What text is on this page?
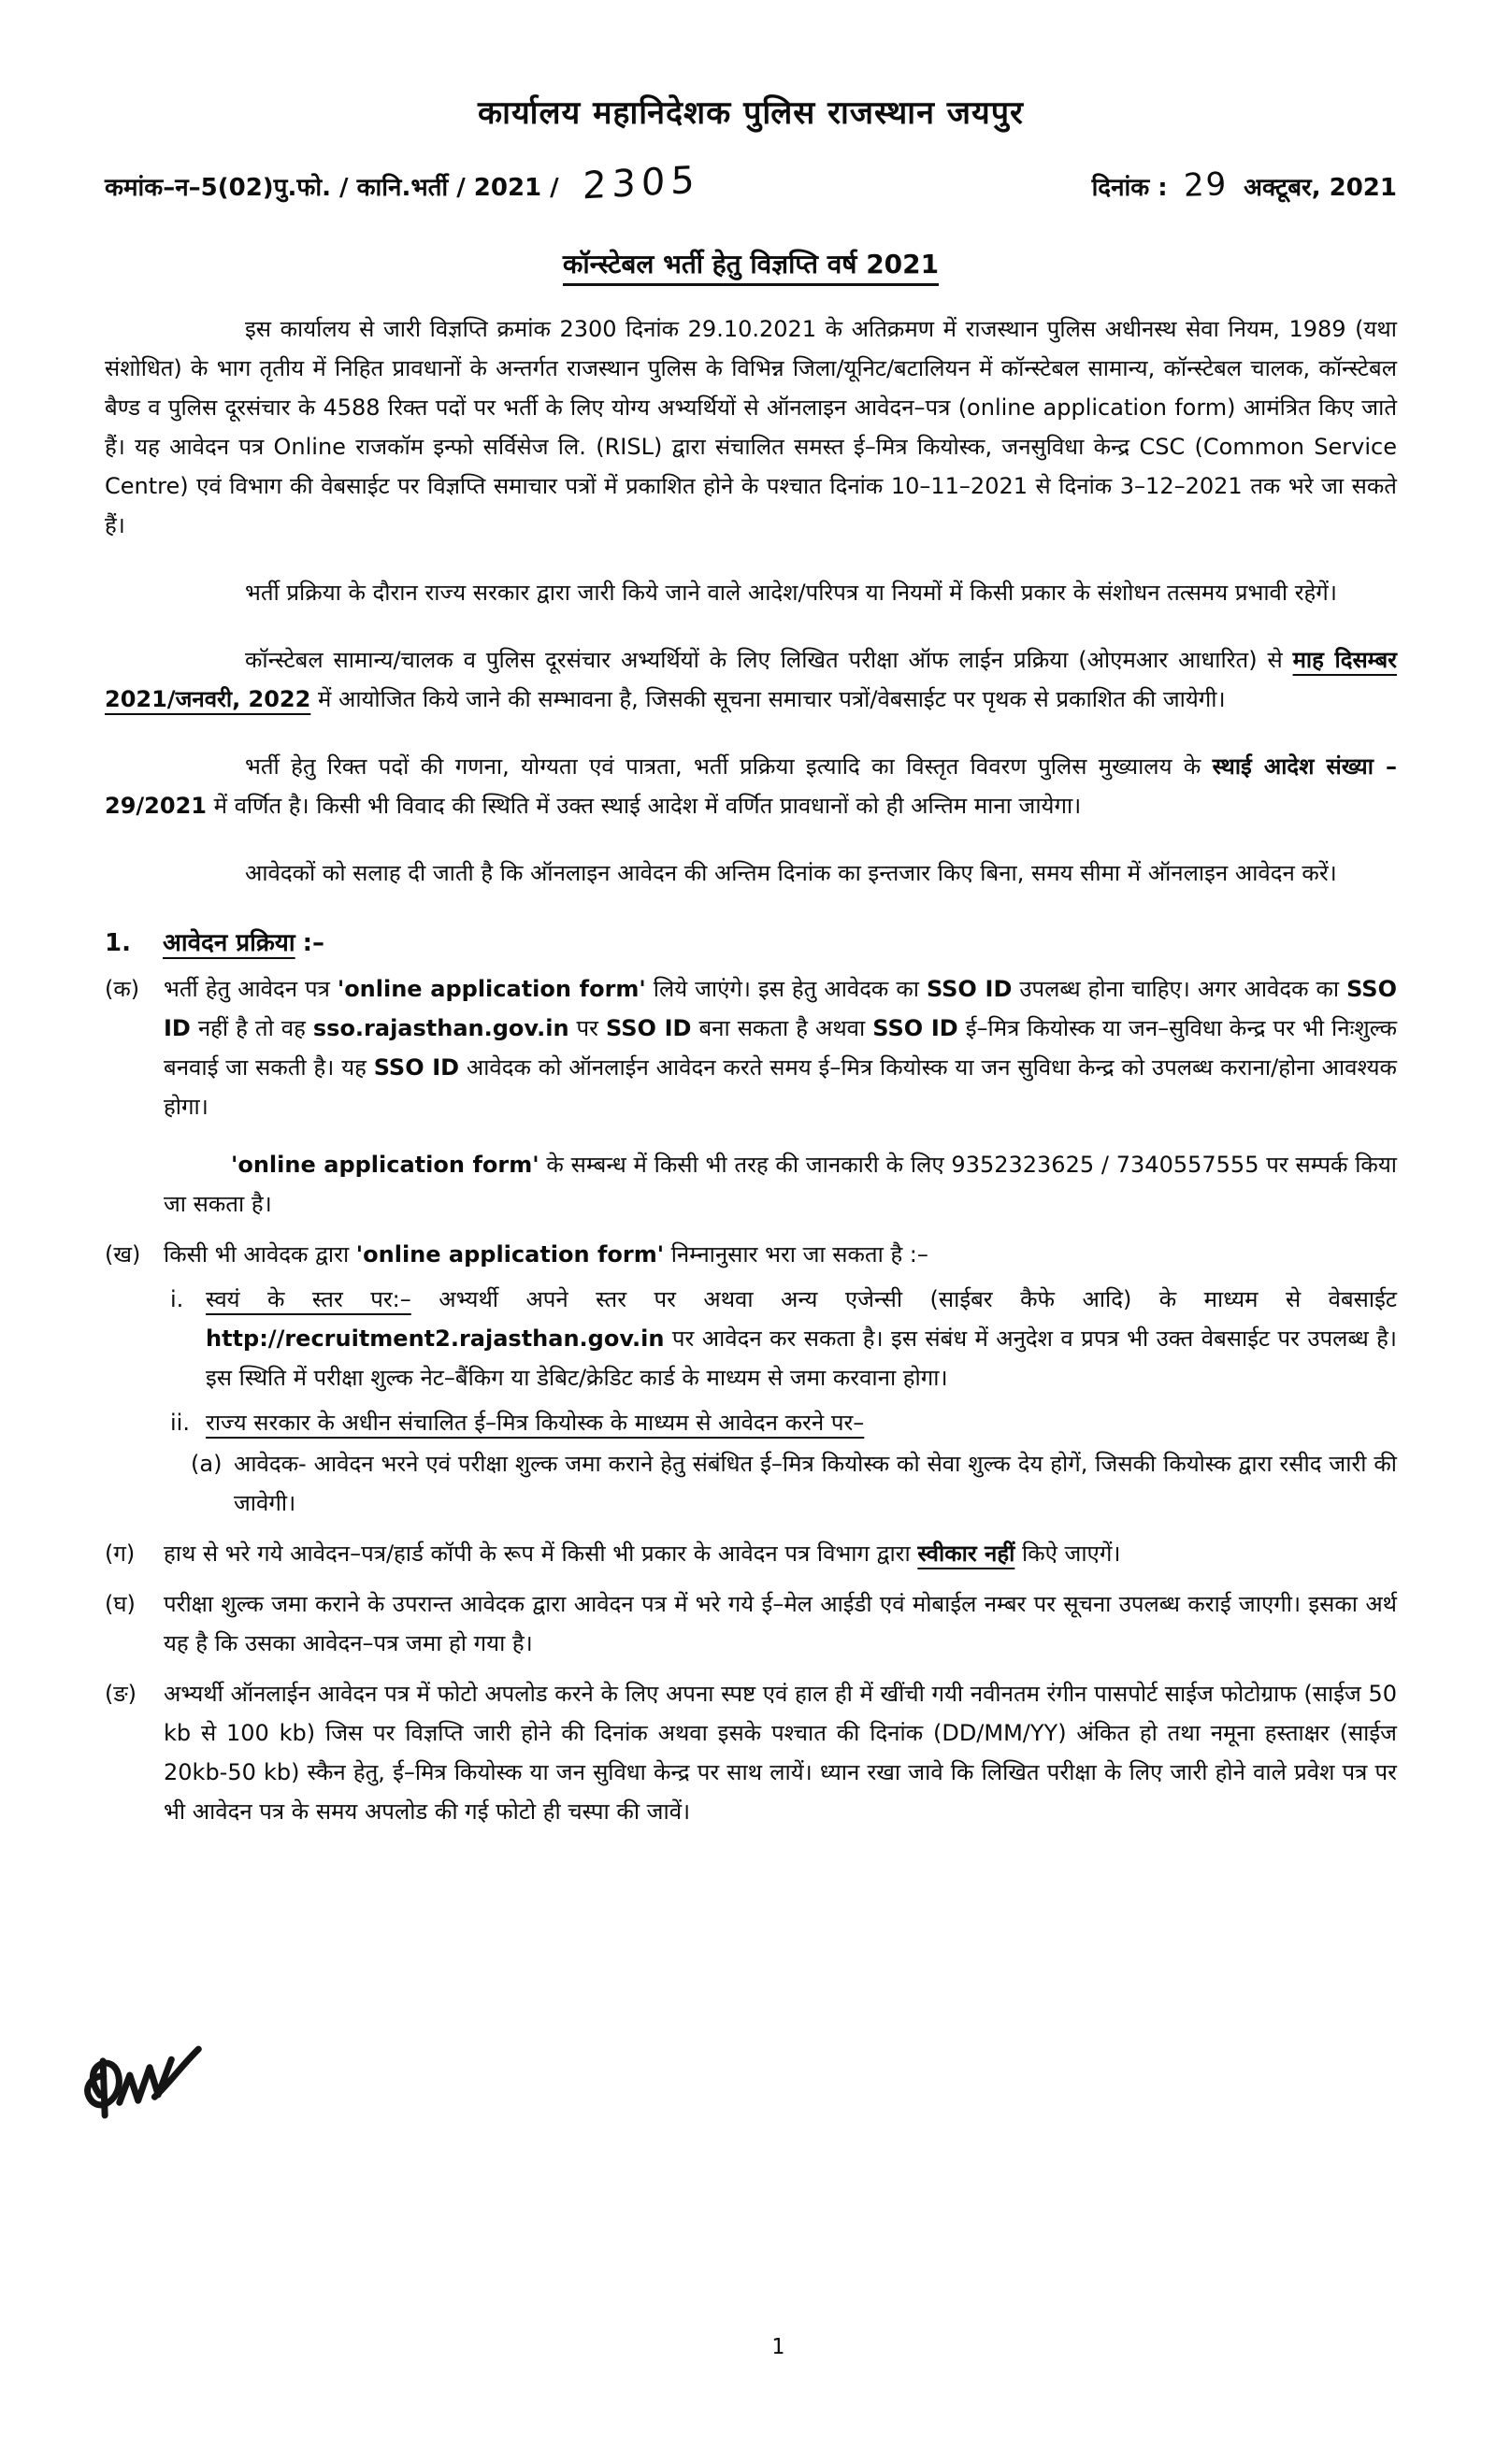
कार्यालय महानिदेशक पुलिस राजस्थान जयपुर
कमांक–न–5(02)पु.फो. / कानि.भर्ती / 2021 / 2305	दिनांक : 29 अक्टूबर, 2021
कॉन्स्टेबल भर्ती हेतु विज्ञप्ति वर्ष 2021
इस कार्यालय से जारी विज्ञप्ति क्रमांक 2300 दिनांक 29.10.2021 के अतिक्रमण में राजस्थान पुलिस अधीनस्थ सेवा नियम, 1989 (यथा संशोधित) के भाग तृतीय में निहित प्रावधानों के अन्तर्गत राजस्थान पुलिस के विभिन्न जिला/यूनिट/बटालियन में कॉन्स्टेबल सामान्य, कॉन्स्टेबल चालक, कॉन्स्टेबल बैण्ड व पुलिस दूरसंचार के 4588 रिक्त पदों पर भर्ती के लिए योग्य अभ्यर्थियों से ऑनलाइन आवेदन–पत्र (online application form) आमंत्रित किए जाते हैं। यह आवेदन पत्र Online राजकॉम इन्फो सर्विसेज लि. (RISL) द्वारा संचालित समस्त ई–मित्र कियोस्क, जनसुविधा केन्द्र CSC (Common Service Centre) एवं विभाग की वेबसाईट पर विज्ञप्ति समाचार पत्रों में प्रकाशित होने के पश्चात दिनांक 10–11–2021 से दिनांक 3–12–2021 तक भरे जा सकते हैं।
भर्ती प्रक्रिया के दौरान राज्य सरकार द्वारा जारी किये जाने वाले आदेश/परिपत्र या नियमों में किसी प्रकार के संशोधन तत्समय प्रभावी रहेगें।
कॉन्स्टेबल सामान्य/चालक व पुलिस दूरसंचार अभ्यर्थियों के लिए लिखित परीक्षा ऑफ लाईन प्रक्रिया (ओएमआर आधारित) से माह दिसम्बर 2021/जनवरी, 2022 में आयोजित किये जाने की सम्भावना है, जिसकी सूचना समाचार पत्रों/वेबसाईट पर पृथक से प्रकाशित की जायेगी।
भर्ती हेतु रिक्त पदों की गणना, योग्यता एवं पात्रता, भर्ती प्रक्रिया इत्यादि का विस्तृत विवरण पुलिस मुख्यालय के स्थाई आदेश संख्या – 29/2021 में वर्णित है। किसी भी विवाद की स्थिति में उक्त स्थाई आदेश में वर्णित प्रावधानों को ही अन्तिम माना जायेगा।
आवेदकों को सलाह दी जाती है कि ऑनलाइन आवेदन की अन्तिम दिनांक का इन्तजार किए बिना, समय सीमा में ऑनलाइन आवेदन करें।
1.	आवेदन प्रक्रिया :–
(क)	भर्ती हेतु आवेदन पत्र 'online application form' लिये जाएंगे। इस हेतु आवेदक का SSO ID उपलब्ध होना चाहिए। अगर आवेदक का SSO ID नहीं है तो वह sso.rajasthan.gov.in पर SSO ID बना सकता है अथवा SSO ID ई–मित्र कियोस्क या जन–सुविधा केन्द्र पर भी निःशुल्क बनवाई जा सकती है। यह SSO ID आवेदक को ऑनलाईन आवेदन करते समय ई–मित्र कियोस्क या जन सुविधा केन्द्र को उपलब्ध कराना/होना आवश्यक होगा।
'online application form' के सम्बन्ध में किसी भी तरह की जानकारी के लिए 9352323625 / 7340557555 पर सम्पर्क किया जा सकता है।
(ख)	किसी भी आवेदक द्वारा 'online application form' निम्नानुसार भरा जा सकता है :–
i. स्वयं के स्तर पर:– अभ्यर्थी अपने स्तर पर अथवा अन्य एजेन्सी (साईबर कैफे आदि) के माध्यम से वेबसाईट http://recruitment2.rajasthan.gov.in पर आवेदन कर सकता है। इस संबंध में अनुदेश व प्रपत्र भी उक्त वेबसाईट पर उपलब्ध है। इस स्थिति में परीक्षा शुल्क नेट–बैंकिग या डेबिट/क्रेडिट कार्ड के माध्यम से जमा करवाना होगा।
ii. राज्य सरकार के अधीन संचालित ई–मित्र कियोस्क के माध्यम से आवेदन करने पर–
(a) आवेदक- आवेदन भरने एवं परीक्षा शुल्क जमा कराने हेतु संबंधित ई–मित्र कियोस्क को सेवा शुल्क देय होगें, जिसकी कियोस्क द्वारा रसीद जारी की जावेगी।
(ग)	हाथ से भरे गये आवेदन–पत्र/हार्ड कॉपी के रूप में किसी भी प्रकार के आवेदन पत्र विभाग द्वारा स्वीकार नहीं किऐ जाएगें।
(घ)	परीक्षा शुल्क जमा कराने के उपरान्त आवेदक द्वारा आवेदन पत्र में भरे गये ई–मेल आईडी एवं मोबाईल नम्बर पर सूचना उपलब्ध कराई जाएगी। इसका अर्थ यह है कि उसका आवेदन–पत्र जमा हो गया है।
(ङ)	अभ्यर्थी ऑनलाईन आवेदन पत्र में फोटो अपलोड करने के लिए अपना स्पष्ट एवं हाल ही में खींची गयी नवीनतम रंगीन पासपोर्ट साईज फोटोग्राफ (साईज 50 kb से 100 kb) जिस पर विज्ञप्ति जारी होने की दिनांक अथवा इसके पश्चात की दिनांक (DD/MM/YY) अंकित हो तथा नमूना हस्ताक्षर (साईज 20kb-50 kb) स्कैन हेतु, ई–मित्र कियोस्क या जन सुविधा केन्द्र पर साथ लायें। ध्यान रखा जावे कि लिखित परीक्षा के लिए जारी होने वाले प्रवेश पत्र पर भी आवेदन पत्र के समय अपलोड की गई फोटो ही चस्पा की जावें।
1
